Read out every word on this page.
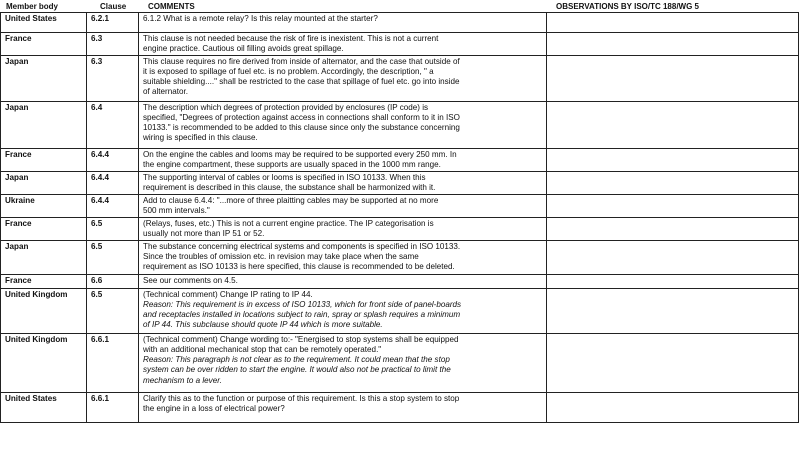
Member body	Clause	COMMENTS	OBSERVATIONS BY ISO/TC 188/WG 5
United States	6.2.1	6.1.2 What is a remote relay? Is this relay mounted at the starter?	

France	6.3	This clause is not needed because the risk of fire is inexistent. This is not a current
engine practice. Cautious oil filling avoids great spillage.	

Japan	6.3	This clause requires no fire derived from inside of alternator, and the case that outside of
it is exposed to spillage of fuel etc. is no problem. Accordingly, the description, " a
suitable shielding...." shall be restricted to the case that spillage of fuel etc. go into inside
of alternator.	

Japan	6.4	The description which degrees of protection provided by enclosures (IP code) is
specified, "Degrees of protection against access in connections shall conform to it in ISO
10133." is recommended to be added to this clause since only the substance concerning
wiring is specified in this clause.	

France	6.4.4	On the engine the cables and looms may be required to be supported every 250 mm. In
the engine compartment, these supports are usually spaced in the 1000 mm range.	

Japan	6.4.4	The supporting interval of cables or looms is specified in ISO 10133. When this
requirement is described in this clause, the substance shall be harmonized with it.	

Ukraine	6.4.4	Add to clause 6.4.4: "...more of three plaitting cables may be supported at no more
500 mm intervals."	

France	6.5	(Relays, fuses, etc.) This is not a current engine practice. The IP categorisation is
usually not more than IP 51 or 52.	

Japan	6.5	The substance concerning electrical systems and components is specified in ISO 10133.
Since the troubles of omission etc. in revision may take place when the same
requirement as ISO 10133 is here specified, this clause is recommended to be deleted.	

France	6.6	See our comments on 4.5.	

United Kingdom	6.5	(Technical comment) Change IP rating to IP 44.
Reason: This requirement is in excess of ISO 10133, which for front side of panel-boards
and receptacles installed in locations subject to rain, spray or splash requires a minimum
of IP 44. This subclause should quote IP 44 which is more suitable.	

United Kingdom	6.6.1	(Technical comment) Change wording to:- "Energised to stop systems shall be equipped
with an additional mechanical stop that can be remotely operated."
Reason: This paragraph is not clear as to the requirement. It could mean that the stop
system can be over ridden to start the engine. It would also not be practical to limit the
mechanism to a lever.	

United States	6.6.1	Clarify this as to the function or purpose of this requirement. Is this a stop system to stop
the engine in a loss of electrical power?	
